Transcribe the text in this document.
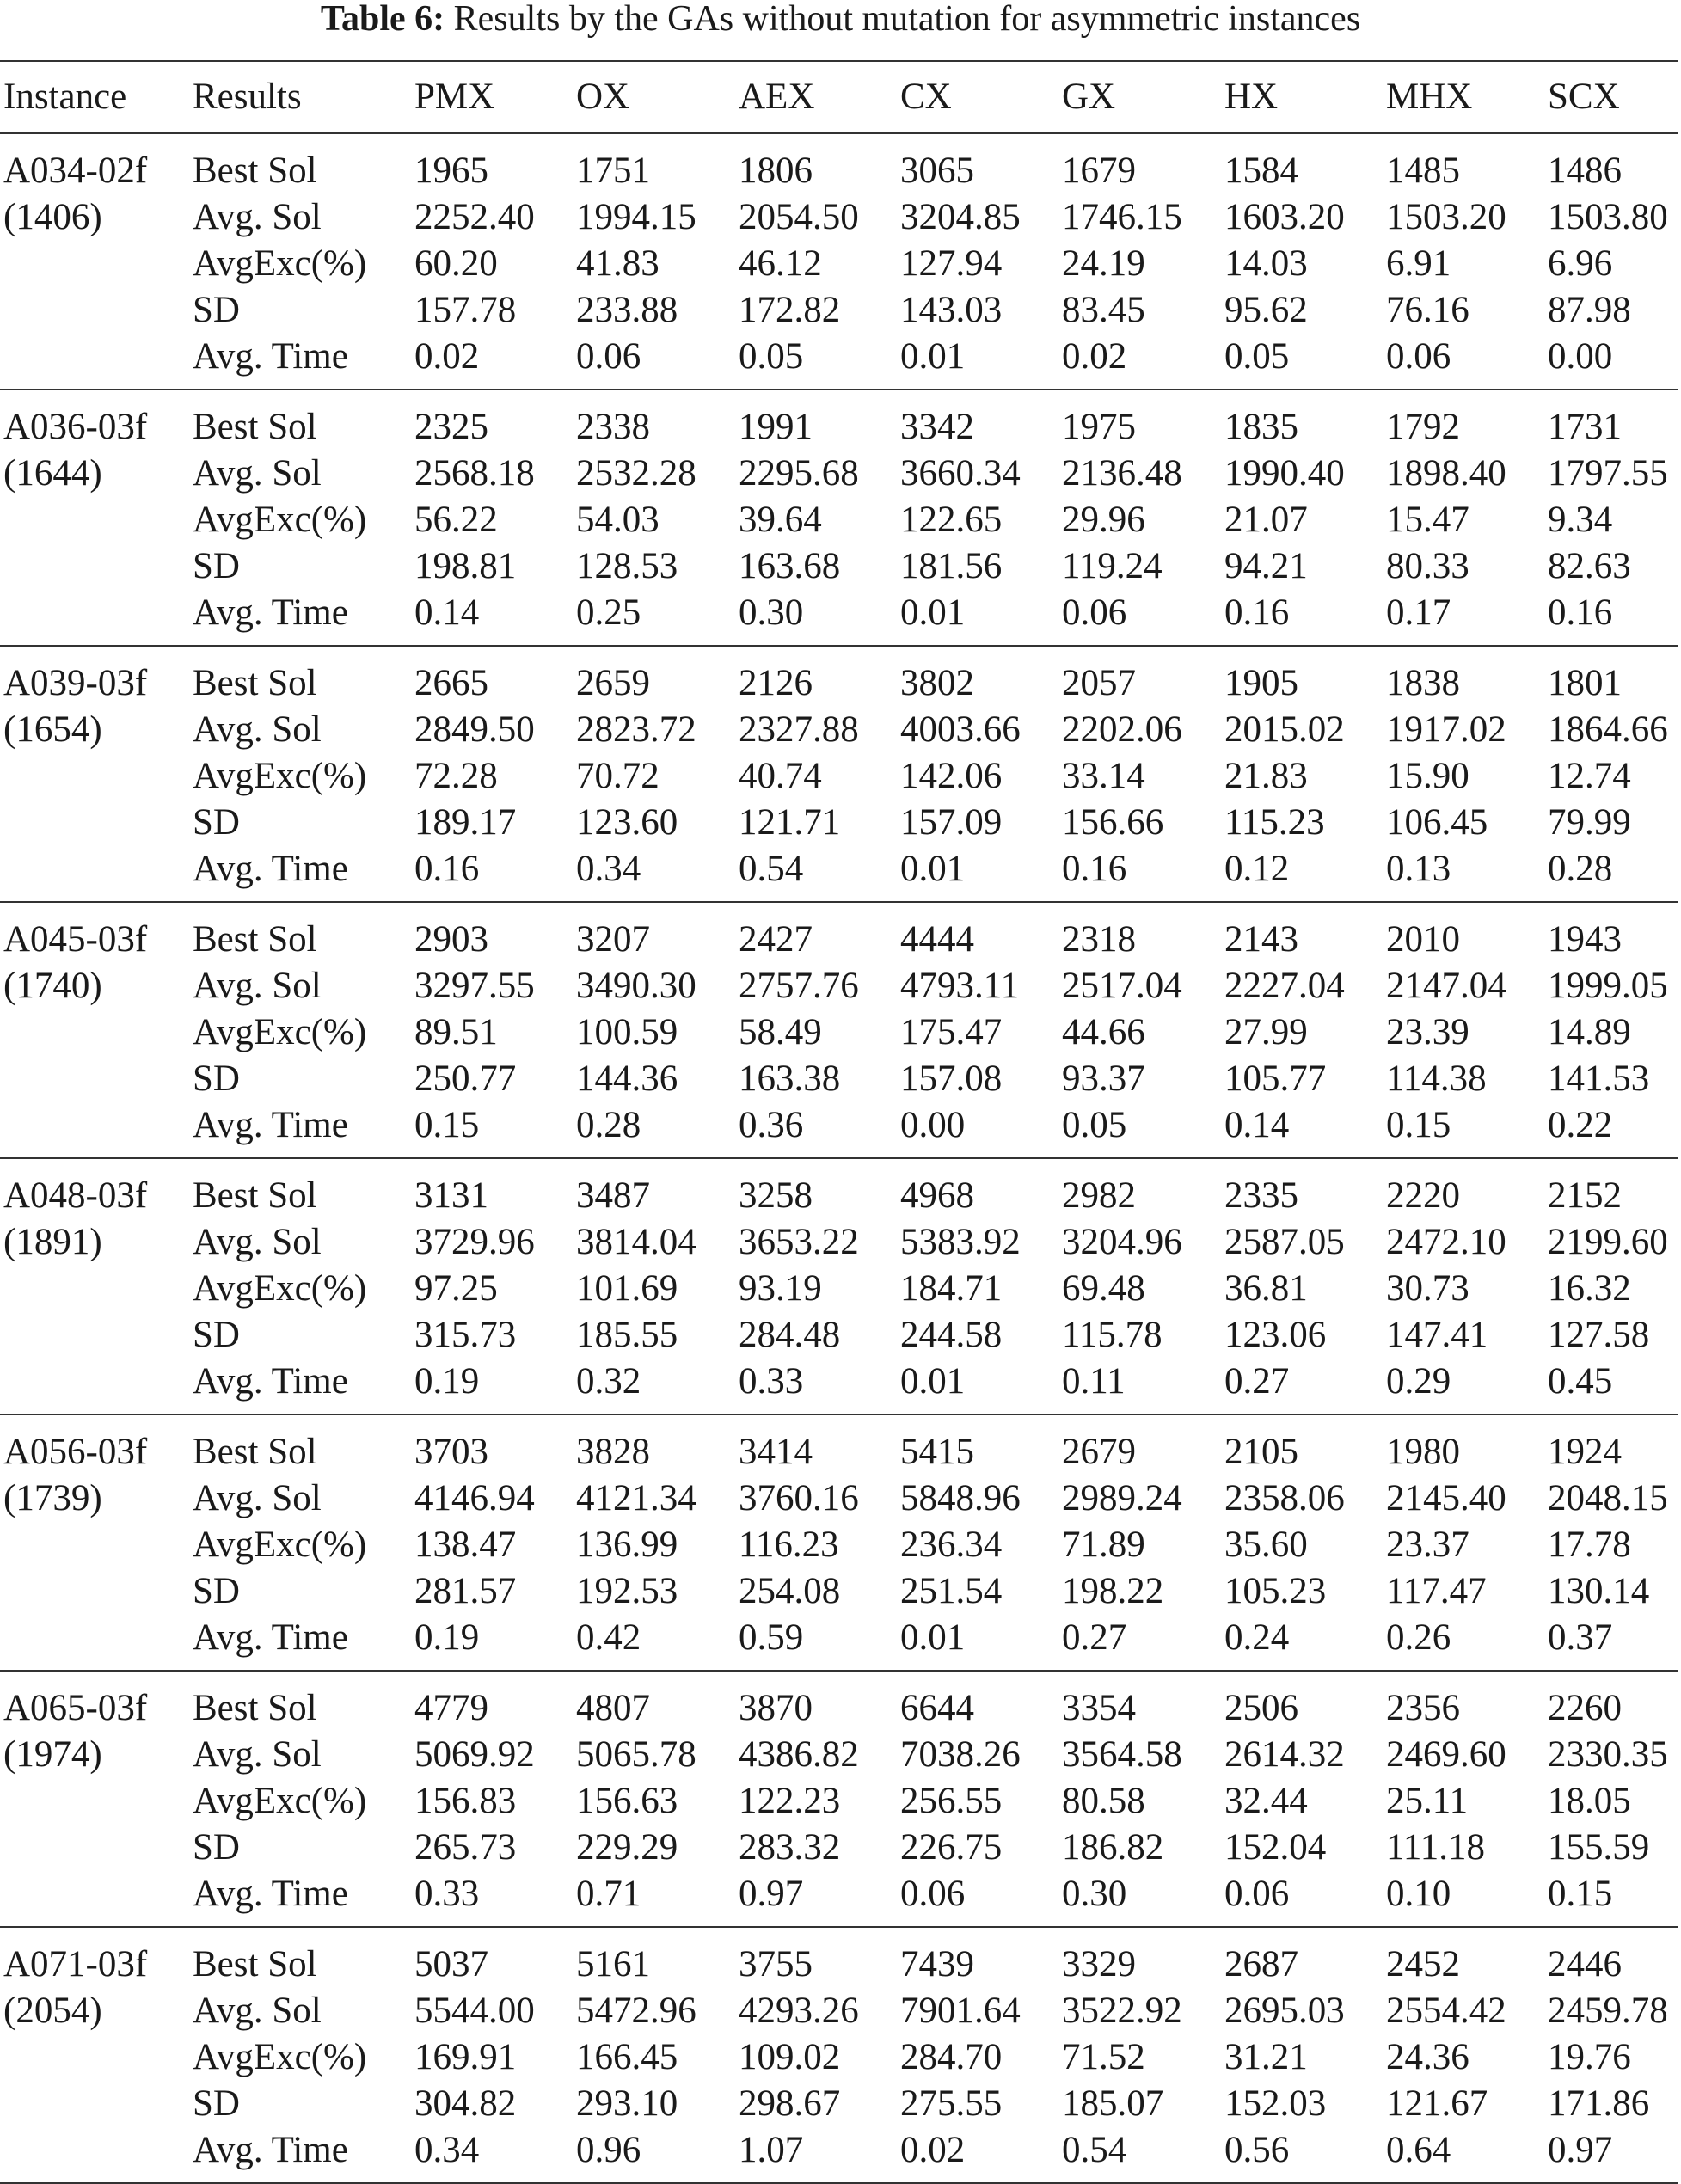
Table 6: Results by the GAs without mutation for asymmetric instances
Instance	Results	PMX	OX	AEX	CX	GX	HX	MHX	SCX
A034-02f	Best Sol	1965	1751	1806	3065	1679	1584	1485	1486
(1406)	Avg. Sol	2252.40	1994.15	2054.50	3204.85	1746.15	1603.20	1503.20	1503.80
	AvgExc(%)	60.20	41.83	46.12	127.94	24.19	14.03	6.91	6.96
	SD	157.78	233.88	172.82	143.03	83.45	95.62	76.16	87.98
	Avg. Time	0.02	0.06	0.05	0.01	0.02	0.05	0.06	0.00
A036-03f	Best Sol	2325	2338	1991	3342	1975	1835	1792	1731
(1644)	Avg. Sol	2568.18	2532.28	2295.68	3660.34	2136.48	1990.40	1898.40	1797.55
	AvgExc(%)	56.22	54.03	39.64	122.65	29.96	21.07	15.47	9.34
	SD	198.81	128.53	163.68	181.56	119.24	94.21	80.33	82.63
	Avg. Time	0.14	0.25	0.30	0.01	0.06	0.16	0.17	0.16
A039-03f	Best Sol	2665	2659	2126	3802	2057	1905	1838	1801
(1654)	Avg. Sol	2849.50	2823.72	2327.88	4003.66	2202.06	2015.02	1917.02	1864.66
	AvgExc(%)	72.28	70.72	40.74	142.06	33.14	21.83	15.90	12.74
	SD	189.17	123.60	121.71	157.09	156.66	115.23	106.45	79.99
	Avg. Time	0.16	0.34	0.54	0.01	0.16	0.12	0.13	0.28
A045-03f	Best Sol	2903	3207	2427	4444	2318	2143	2010	1943
(1740)	Avg. Sol	3297.55	3490.30	2757.76	4793.11	2517.04	2227.04	2147.04	1999.05
	AvgExc(%)	89.51	100.59	58.49	175.47	44.66	27.99	23.39	14.89
	SD	250.77	144.36	163.38	157.08	93.37	105.77	114.38	141.53
	Avg. Time	0.15	0.28	0.36	0.00	0.05	0.14	0.15	0.22
A048-03f	Best Sol	3131	3487	3258	4968	2982	2335	2220	2152
(1891)	Avg. Sol	3729.96	3814.04	3653.22	5383.92	3204.96	2587.05	2472.10	2199.60
	AvgExc(%)	97.25	101.69	93.19	184.71	69.48	36.81	30.73	16.32
	SD	315.73	185.55	284.48	244.58	115.78	123.06	147.41	127.58
	Avg. Time	0.19	0.32	0.33	0.01	0.11	0.27	0.29	0.45
A056-03f	Best Sol	3703	3828	3414	5415	2679	2105	1980	1924
(1739)	Avg. Sol	4146.94	4121.34	3760.16	5848.96	2989.24	2358.06	2145.40	2048.15
	AvgExc(%)	138.47	136.99	116.23	236.34	71.89	35.60	23.37	17.78
	SD	281.57	192.53	254.08	251.54	198.22	105.23	117.47	130.14
	Avg. Time	0.19	0.42	0.59	0.01	0.27	0.24	0.26	0.37
A065-03f	Best Sol	4779	4807	3870	6644	3354	2506	2356	2260
(1974)	Avg. Sol	5069.92	5065.78	4386.82	7038.26	3564.58	2614.32	2469.60	2330.35
	AvgExc(%)	156.83	156.63	122.23	256.55	80.58	32.44	25.11	18.05
	SD	265.73	229.29	283.32	226.75	186.82	152.04	111.18	155.59
	Avg. Time	0.33	0.71	0.97	0.06	0.30	0.06	0.10	0.15
A071-03f	Best Sol	5037	5161	3755	7439	3329	2687	2452	2446
(2054)	Avg. Sol	5544.00	5472.96	4293.26	7901.64	3522.92	2695.03	2554.42	2459.78
	AvgExc(%)	169.91	166.45	109.02	284.70	71.52	31.21	24.36	19.76
	SD	304.82	293.10	298.67	275.55	185.07	152.03	121.67	171.86
	Avg. Time	0.34	0.96	1.07	0.02	0.54	0.56	0.64	0.97
